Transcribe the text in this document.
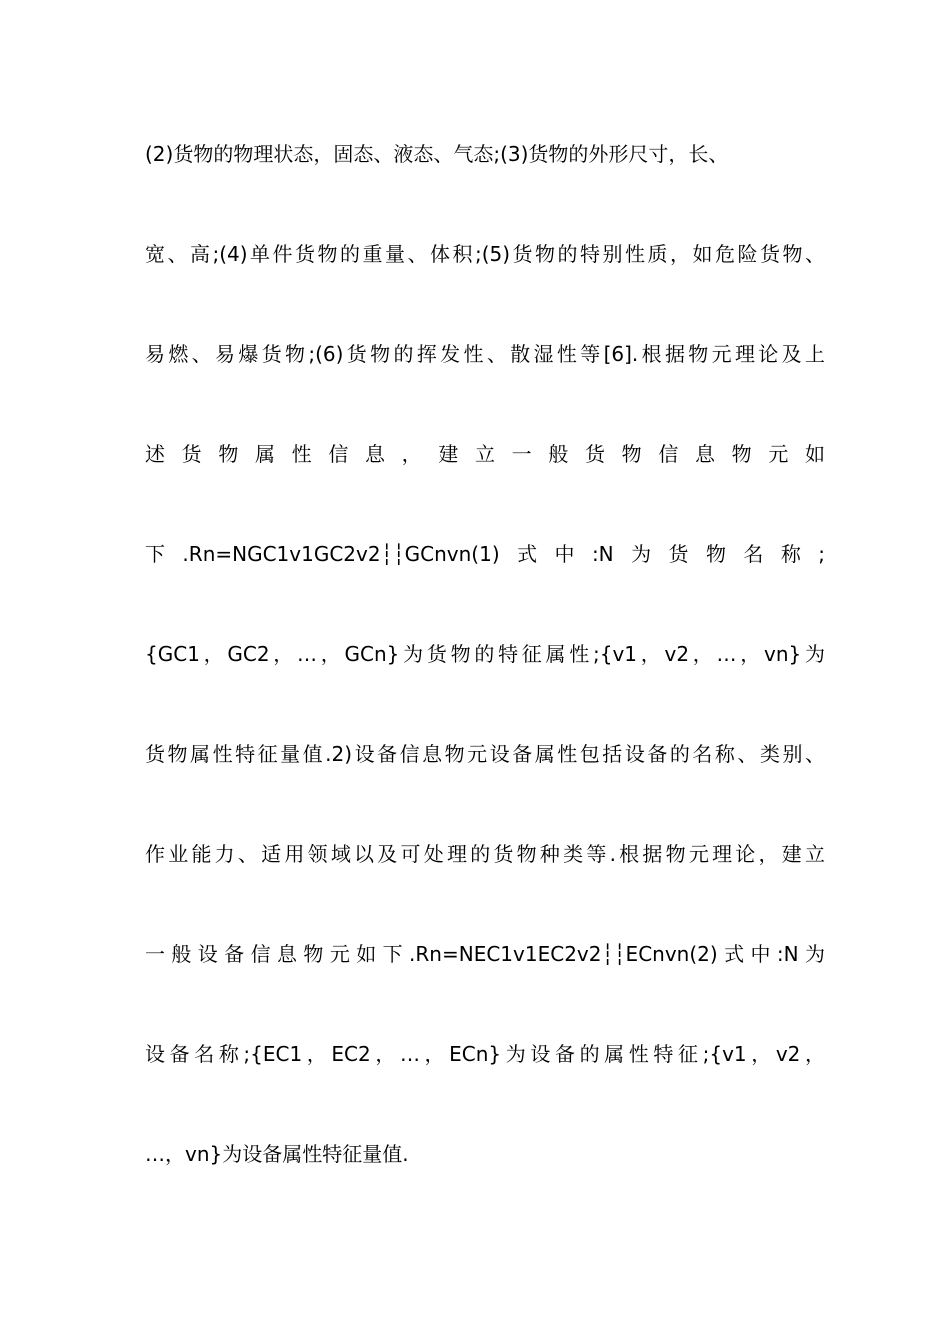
(2)货物的物理状态，固态、液态、气态;(3)货物的外形尺寸，长、
宽、高;(4)单件货物的重量、体积;(5)货物的特别性质，如危险货物、
易燃、易爆货物;(6)货物的挥发性、散湿性等[6].根据物元理论及上
述货物属性信息，建立一般货物信息物元如
下.Rn=NGC1v1GC2v2┆┆GCnvn(1)式中:N为货物名称;
{GC1，GC2，…，GCn}为货物的特征属性;{v1，v2，…，vn}为
货物属性特征量值.2)设备信息物元设备属性包括设备的名称、类别、
作业能力、适用领域以及可处理的货物种类等.根据物元理论，建立
一般设备信息物元如下.Rn=NEC1v1EC2v2┆┆ECnvn(2)式中:N为
设备名称;{EC1，EC2，…，ECn}为设备的属性特征;{v1，v2，
…，vn}为设备属性特征量值.
